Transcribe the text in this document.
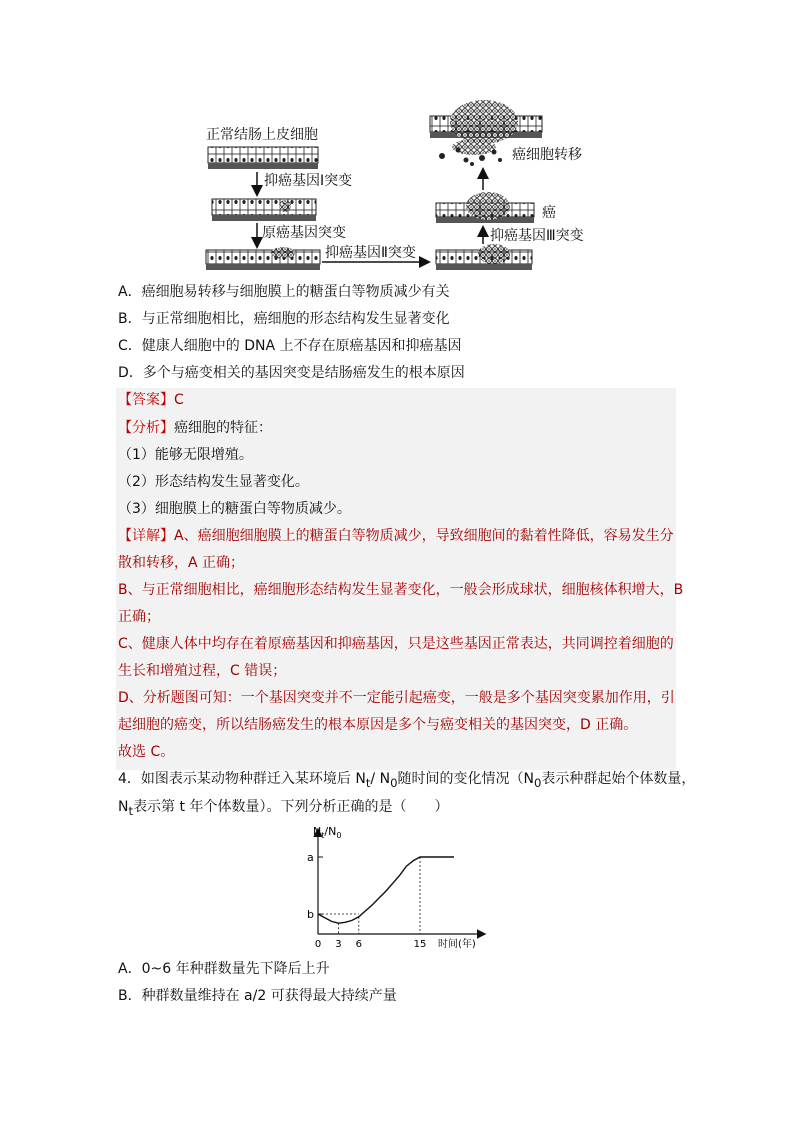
正常结肠上皮细胞
抑癌基因Ⅰ突变
原癌基因突变
抑癌基因Ⅱ突变
抑癌基因Ⅲ突变
癌
癌细胞转移
A．癌细胞易转移与细胞膜上的糖蛋白等物质减少有关
B．与正常细胞相比，癌细胞的形态结构发生显著变化
C．健康人细胞中的 DNA 上不存在原癌基因和抑癌基因
D．多个与癌变相关的基因突变是结肠癌发生的根本原因
【答案】C
【分析】癌细胞的特征：
（1）能够无限增殖。
（2）形态结构发生显著变化。
（3）细胞膜上的糖蛋白等物质减少。
【详解】A、癌细胞细胞膜上的糖蛋白等物质减少，导致细胞间的黏着性降低，容易发生分
散和转移，A 正确；
B、与正常细胞相比，癌细胞形态结构发生显著变化，一般会形成球状，细胞核体积增大，B
正确；
C、健康人体中均存在着原癌基因和抑癌基因，只是这些基因正常表达，共同调控着细胞的
生长和增殖过程，C 错误；
D、分析题图可知：一个基因突变并不一定能引起癌变，一般是多个基因突变累加作用，引
起细胞的癌变，所以结肠癌发生的根本原因是多个与癌变相关的基因突变，D 正确。
故选 C。
4．如图表示某动物种群迁入某环境后 $N_t/$ $N_0$随时间的变化情况（$N_0$表示种群起始个体数量，
$N_t$表示第 t 年个体数量）。下列分析正确的是（　　）
$N_t/N_0$
a
b
0 3 6	15 时间(年)
A．0~6 年种群数量先下降后上升
B．种群数量维持在 a/2 可获得最大持续产量
